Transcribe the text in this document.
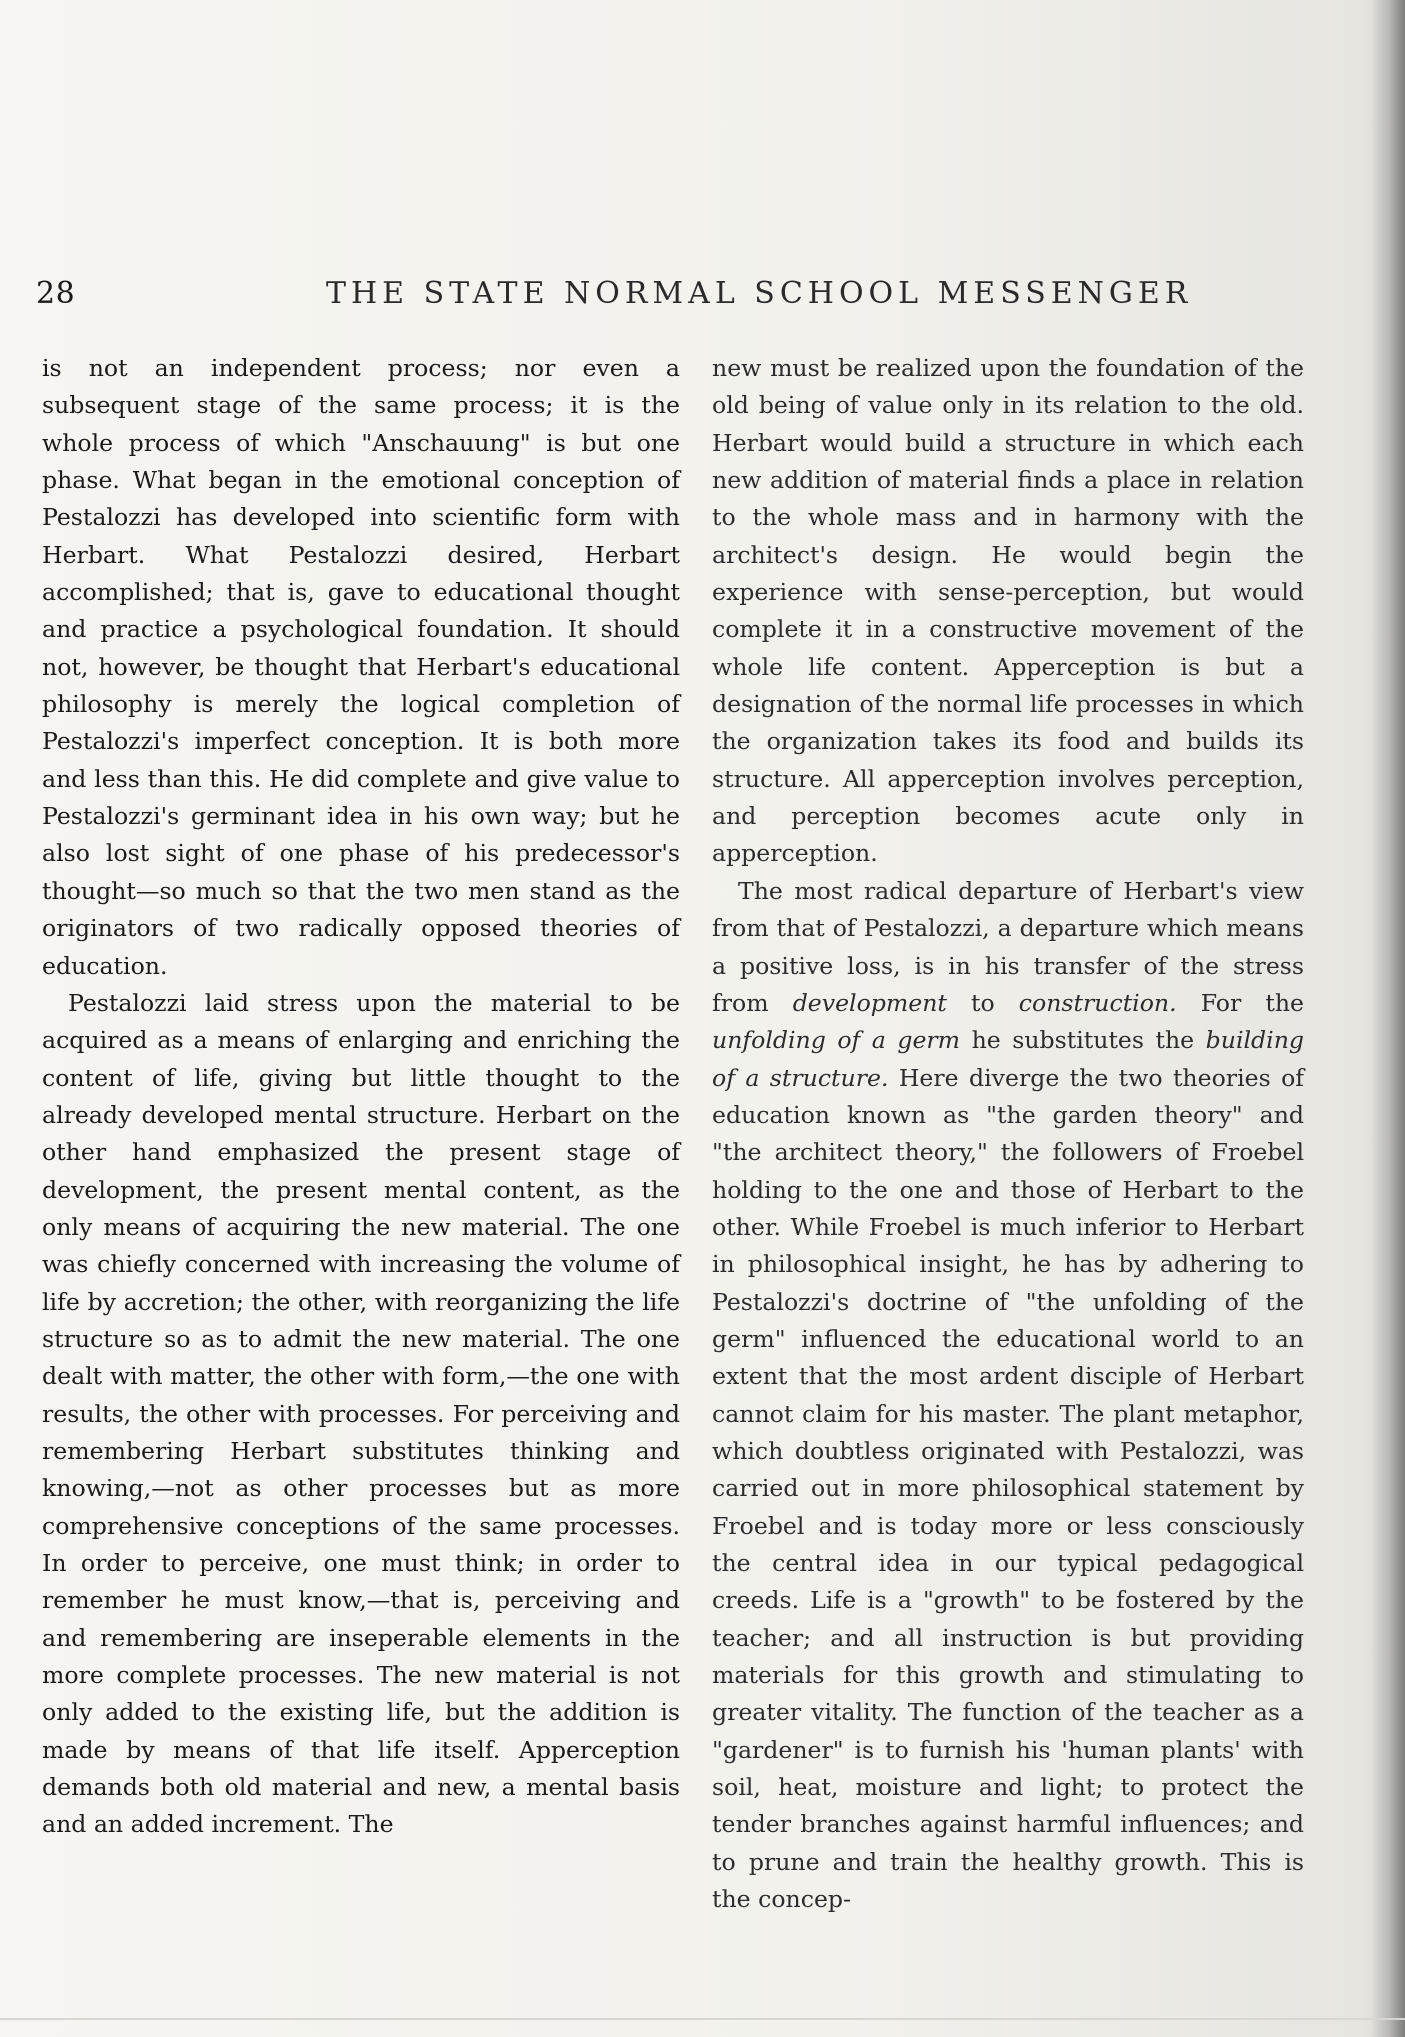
28	THE STATE NORMAL SCHOOL MESSENGER

is not an independent process; nor even a subsequent stage of the same process; it is the whole process of which "Anschauung" is but one phase. What began in the emotional conception of Pestalozzi has developed into scientific form with Herbart. What Pestalozzi desired, Herbart accomplished; that is, gave to educational thought and practice a psychological foundation. It should not, however, be thought that Herbart's educational philosophy is merely the logical completion of Pestalozzi's imperfect conception. It is both more and less than this. He did complete and give value to Pestalozzi's germinant idea in his own way; but he also lost sight of one phase of his predecessor's thought—so much so that the two men stand as the originators of two radically opposed theories of education.

Pestalozzi laid stress upon the material to be acquired as a means of enlarging and enriching the content of life, giving but little thought to the already developed mental structure. Herbart on the other hand emphasized the present stage of development, the present mental content, as the only means of acquiring the new material. The one was chiefly concerned with increasing the volume of life by accretion; the other, with reorganizing the life structure so as to admit the new material. The one dealt with matter, the other with form,—the one with results, the other with processes. For perceiving and remembering Herbart substitutes thinking and knowing,—not as other processes but as more comprehensive conceptions of the same processes. In order to perceive, one must think; in order to remember he must know,—that is, perceiving and and remembering are inseperable elements in the more complete processes. The new material is not only added to the existing life, but the addition is made by means of that life itself. Apperception demands both old material and new, a mental basis and an added increment. The

new must be realized upon the foundation of the old being of value only in its relation to the old. Herbart would build a structure in which each new addition of material finds a place in relation to the whole mass and in harmony with the architect's design. He would begin the experience with sense-perception, but would complete it in a constructive movement of the whole life content. Apperception is but a designation of the normal life processes in which the organization takes its food and builds its structure. All apperception involves perception, and perception becomes acute only in apperception.

The most radical departure of Herbart's view from that of Pestalozzi, a departure which means a positive loss, is in his transfer of the stress from development to construction. For the unfolding of a germ he substitutes the building of a structure. Here diverge the two theories of education known as "the garden theory" and "the architect theory," the followers of Froebel holding to the one and those of Herbart to the other. While Froebel is much inferior to Herbart in philosophical insight, he has by adhering to Pestalozzi's doctrine of "the unfolding of the germ" influenced the educational world to an extent that the most ardent disciple of Herbart cannot claim for his master. The plant metaphor, which doubtless originated with Pestalozzi, was carried out in more philosophical statement by Froebel and is today more or less consciously the central idea in our typical pedagogical creeds. Life is a "growth" to be fostered by the teacher; and all instruction is but providing materials for this growth and stimulating to greater vitality. The function of the teacher as a "gardener" is to furnish his 'human plants' with soil, heat, moisture and light; to protect the tender branches against harmful influences; and to prune and train the healthy growth. This is the concep-
